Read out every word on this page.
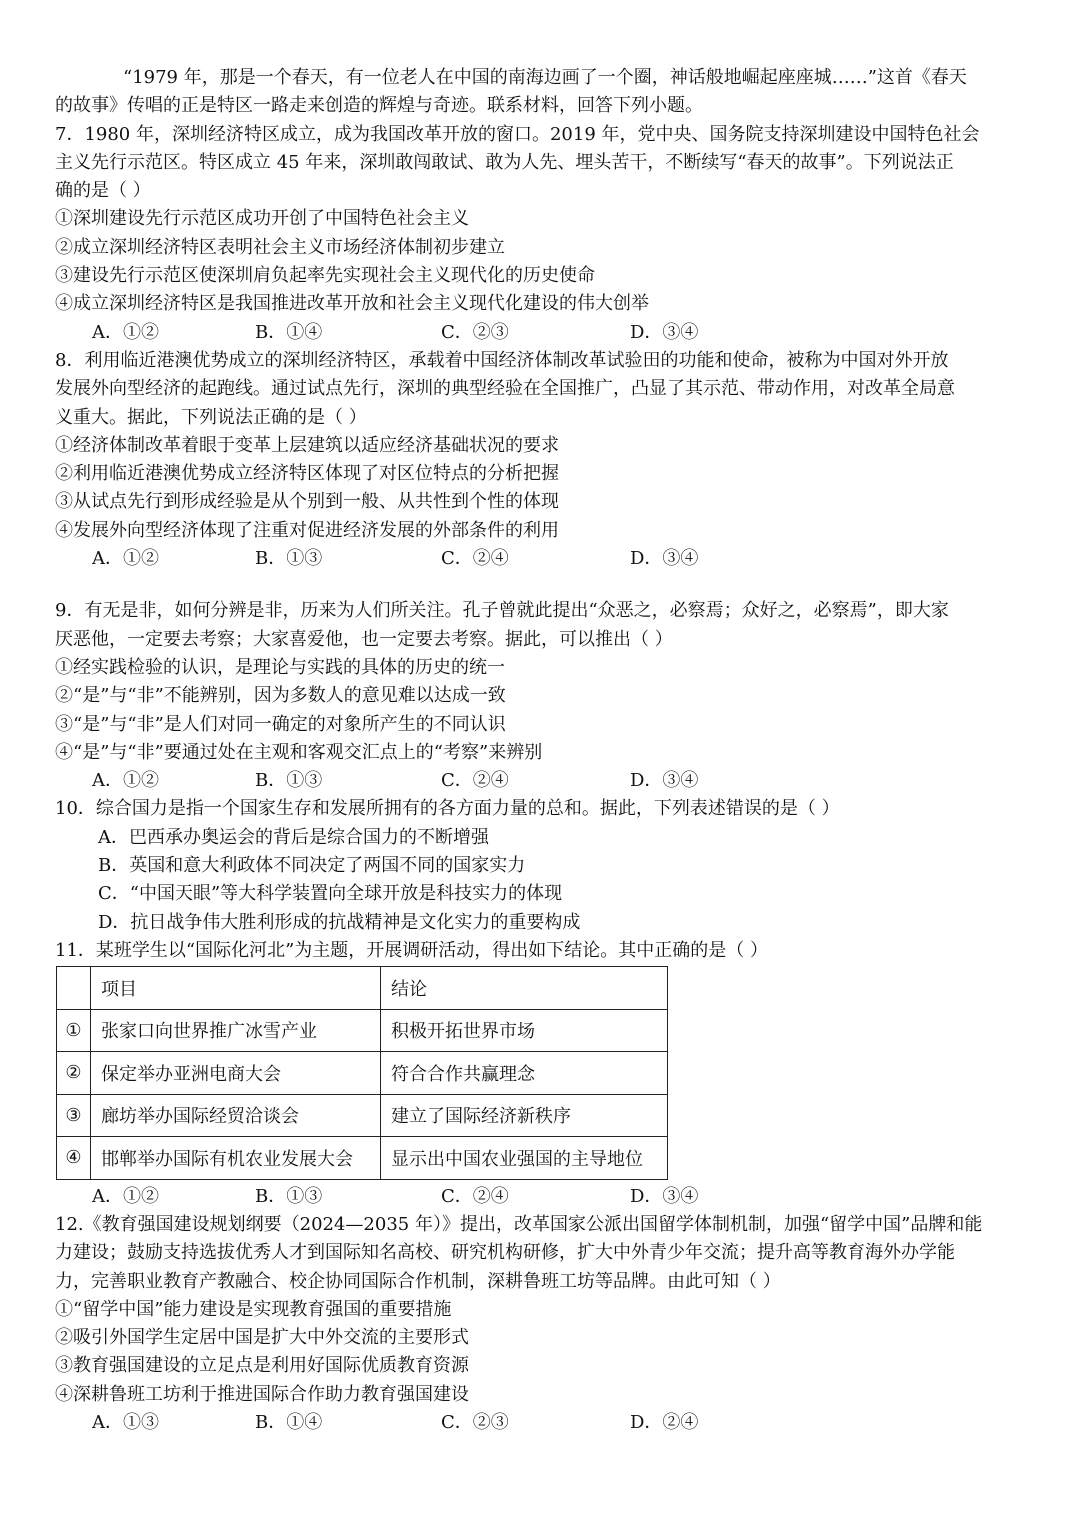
“1979 年，那是一个春天，有一位老人在中国的南海边画了一个圈，神话般地崛起座座城……”这首《春天
的故事》传唱的正是特区一路走来创造的辉煌与奇迹。联系材料，回答下列小题。
7．1980 年，深圳经济特区成立，成为我国改革开放的窗口。2019 年，党中央、国务院支持深圳建设中国特色社会
主义先行示范区。特区成立 45 年来，深圳敢闯敢试、敢为人先、埋头苦干，不断续写“春天的故事”。下列说法正
确的是（ ）
①深圳建设先行示范区成功开创了中国特色社会主义
②成立深圳经济特区表明社会主义市场经济体制初步建立
③建设先行示范区使深圳肩负起率先实现社会主义现代化的历史使命
④成立深圳经济特区是我国推进改革开放和社会主义现代化建设的伟大创举
A．①②	B．①④	C．②③	D．③④
8．利用临近港澳优势成立的深圳经济特区，承载着中国经济体制改革试验田的功能和使命，被称为中国对外开放
发展外向型经济的起跑线。通过试点先行，深圳的典型经验在全国推广，凸显了其示范、带动作用，对改革全局意
义重大。据此，下列说法正确的是（ ）
①经济体制改革着眼于变革上层建筑以适应经济基础状况的要求
②利用临近港澳优势成立经济特区体现了对区位特点的分析把握
③从试点先行到形成经验是从个别到一般、从共性到个性的体现
④发展外向型经济体现了注重对促进经济发展的外部条件的利用
A．①②	B．①③	C．②④	D．③④
9．有无是非，如何分辨是非，历来为人们所关注。孔子曾就此提出“众恶之，必察焉；众好之，必察焉”，即大家
厌恶他，一定要去考察；大家喜爱他，也一定要去考察。据此，可以推出（ ）
①经实践检验的认识，是理论与实践的具体的历史的统一
②“是”与“非”不能辨别，因为多数人的意见难以达成一致
③“是”与“非”是人们对同一确定的对象所产生的不同认识
④“是”与“非”要通过处在主观和客观交汇点上的“考察”来辨别
A．①②	B．①③	C．②④	D．③④
10．综合国力是指一个国家生存和发展所拥有的各方面力量的总和。据此，下列表述错误的是（ ）
A．巴西承办奥运会的背后是综合国力的不断增强
B．英国和意大利政体不同决定了两国不同的国家实力
C．“中国天眼”等大科学装置向全球开放是科技实力的体现
D．抗日战争伟大胜利形成的抗战精神是文化实力的重要构成
11．某班学生以“国际化河北”为主题，开展调研活动，得出如下结论。其中正确的是（ ）
	项目	结论
①	张家口向世界推广冰雪产业	积极开拓世界市场
②	保定举办亚洲电商大会	符合合作共赢理念
③	廊坊举办国际经贸洽谈会	建立了国际经济新秩序
④	邯郸举办国际有机农业发展大会	显示出中国农业强国的主导地位
A．①②	B．①③	C．②④	D．③④
12.《教育强国建设规划纲要（2024—2035 年）》提出，改革国家公派出国留学体制机制，加强“留学中国”品牌和能
力建设；鼓励支持选拔优秀人才到国际知名高校、研究机构研修，扩大中外青少年交流；提升高等教育海外办学能
力，完善职业教育产教融合、校企协同国际合作机制，深耕鲁班工坊等品牌。由此可知（ ）
①“留学中国”能力建设是实现教育强国的重要措施
②吸引外国学生定居中国是扩大中外交流的主要形式
③教育强国建设的立足点是利用好国际优质教育资源
④深耕鲁班工坊利于推进国际合作助力教育强国建设
A．①③	B．①④	C．②③	D．②④
